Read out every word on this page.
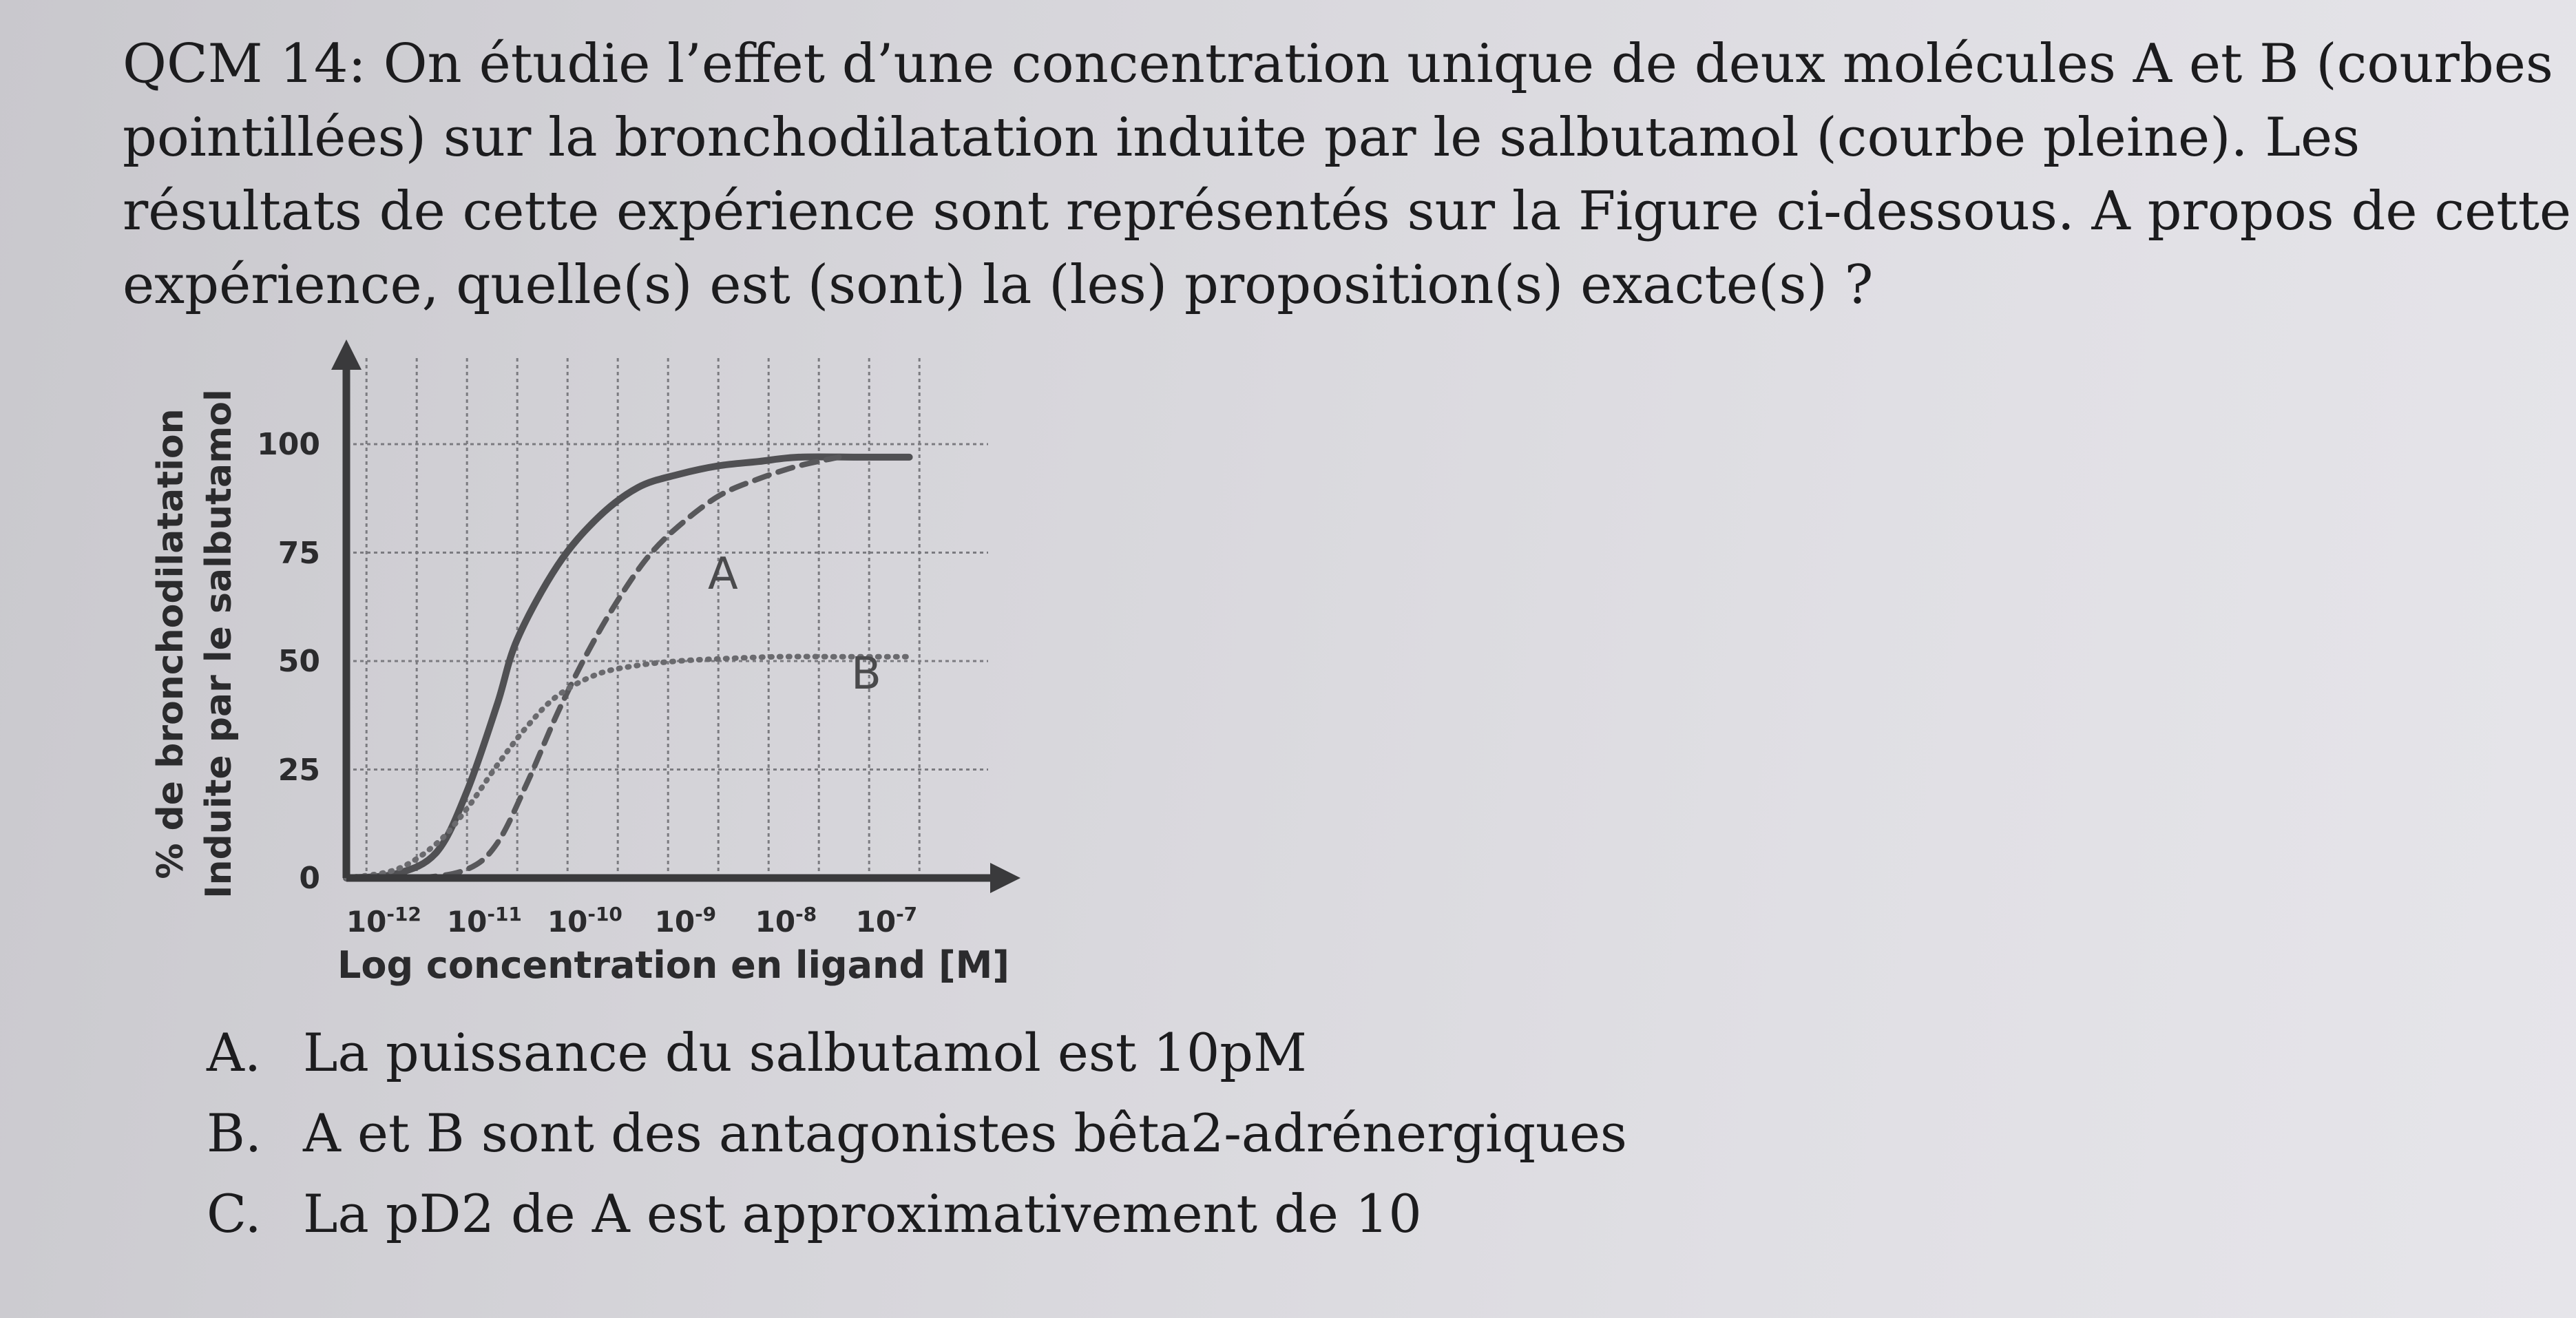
QCM 14: On étudie l’effet d’une concentration unique de deux molécules A et B (courbes
pointillées) sur la bronchodilatation induite par le salbutamol (courbe pleine). Les
résultats de cette expérience sont représentés sur la Figure ci-dessous. A propos de cette
expérience, quelle(s) est (sont) la (les) proposition(s) exacte(s) ?
0
25
50
75
100
$10^{-12}$ $10^{-11}$ $10^{-10}$ $10^{-9}$ $10^{-8}$ $10^{-7}$
% de bronchodilatation Induite par le salbutamol
Log concentration en ligand [M]
A
B
A. La puissance du salbutamol est 10pM
B. A et B sont des antagonistes bêta2-adrénergiques
C. La pD2 de A est approximativement de 10
